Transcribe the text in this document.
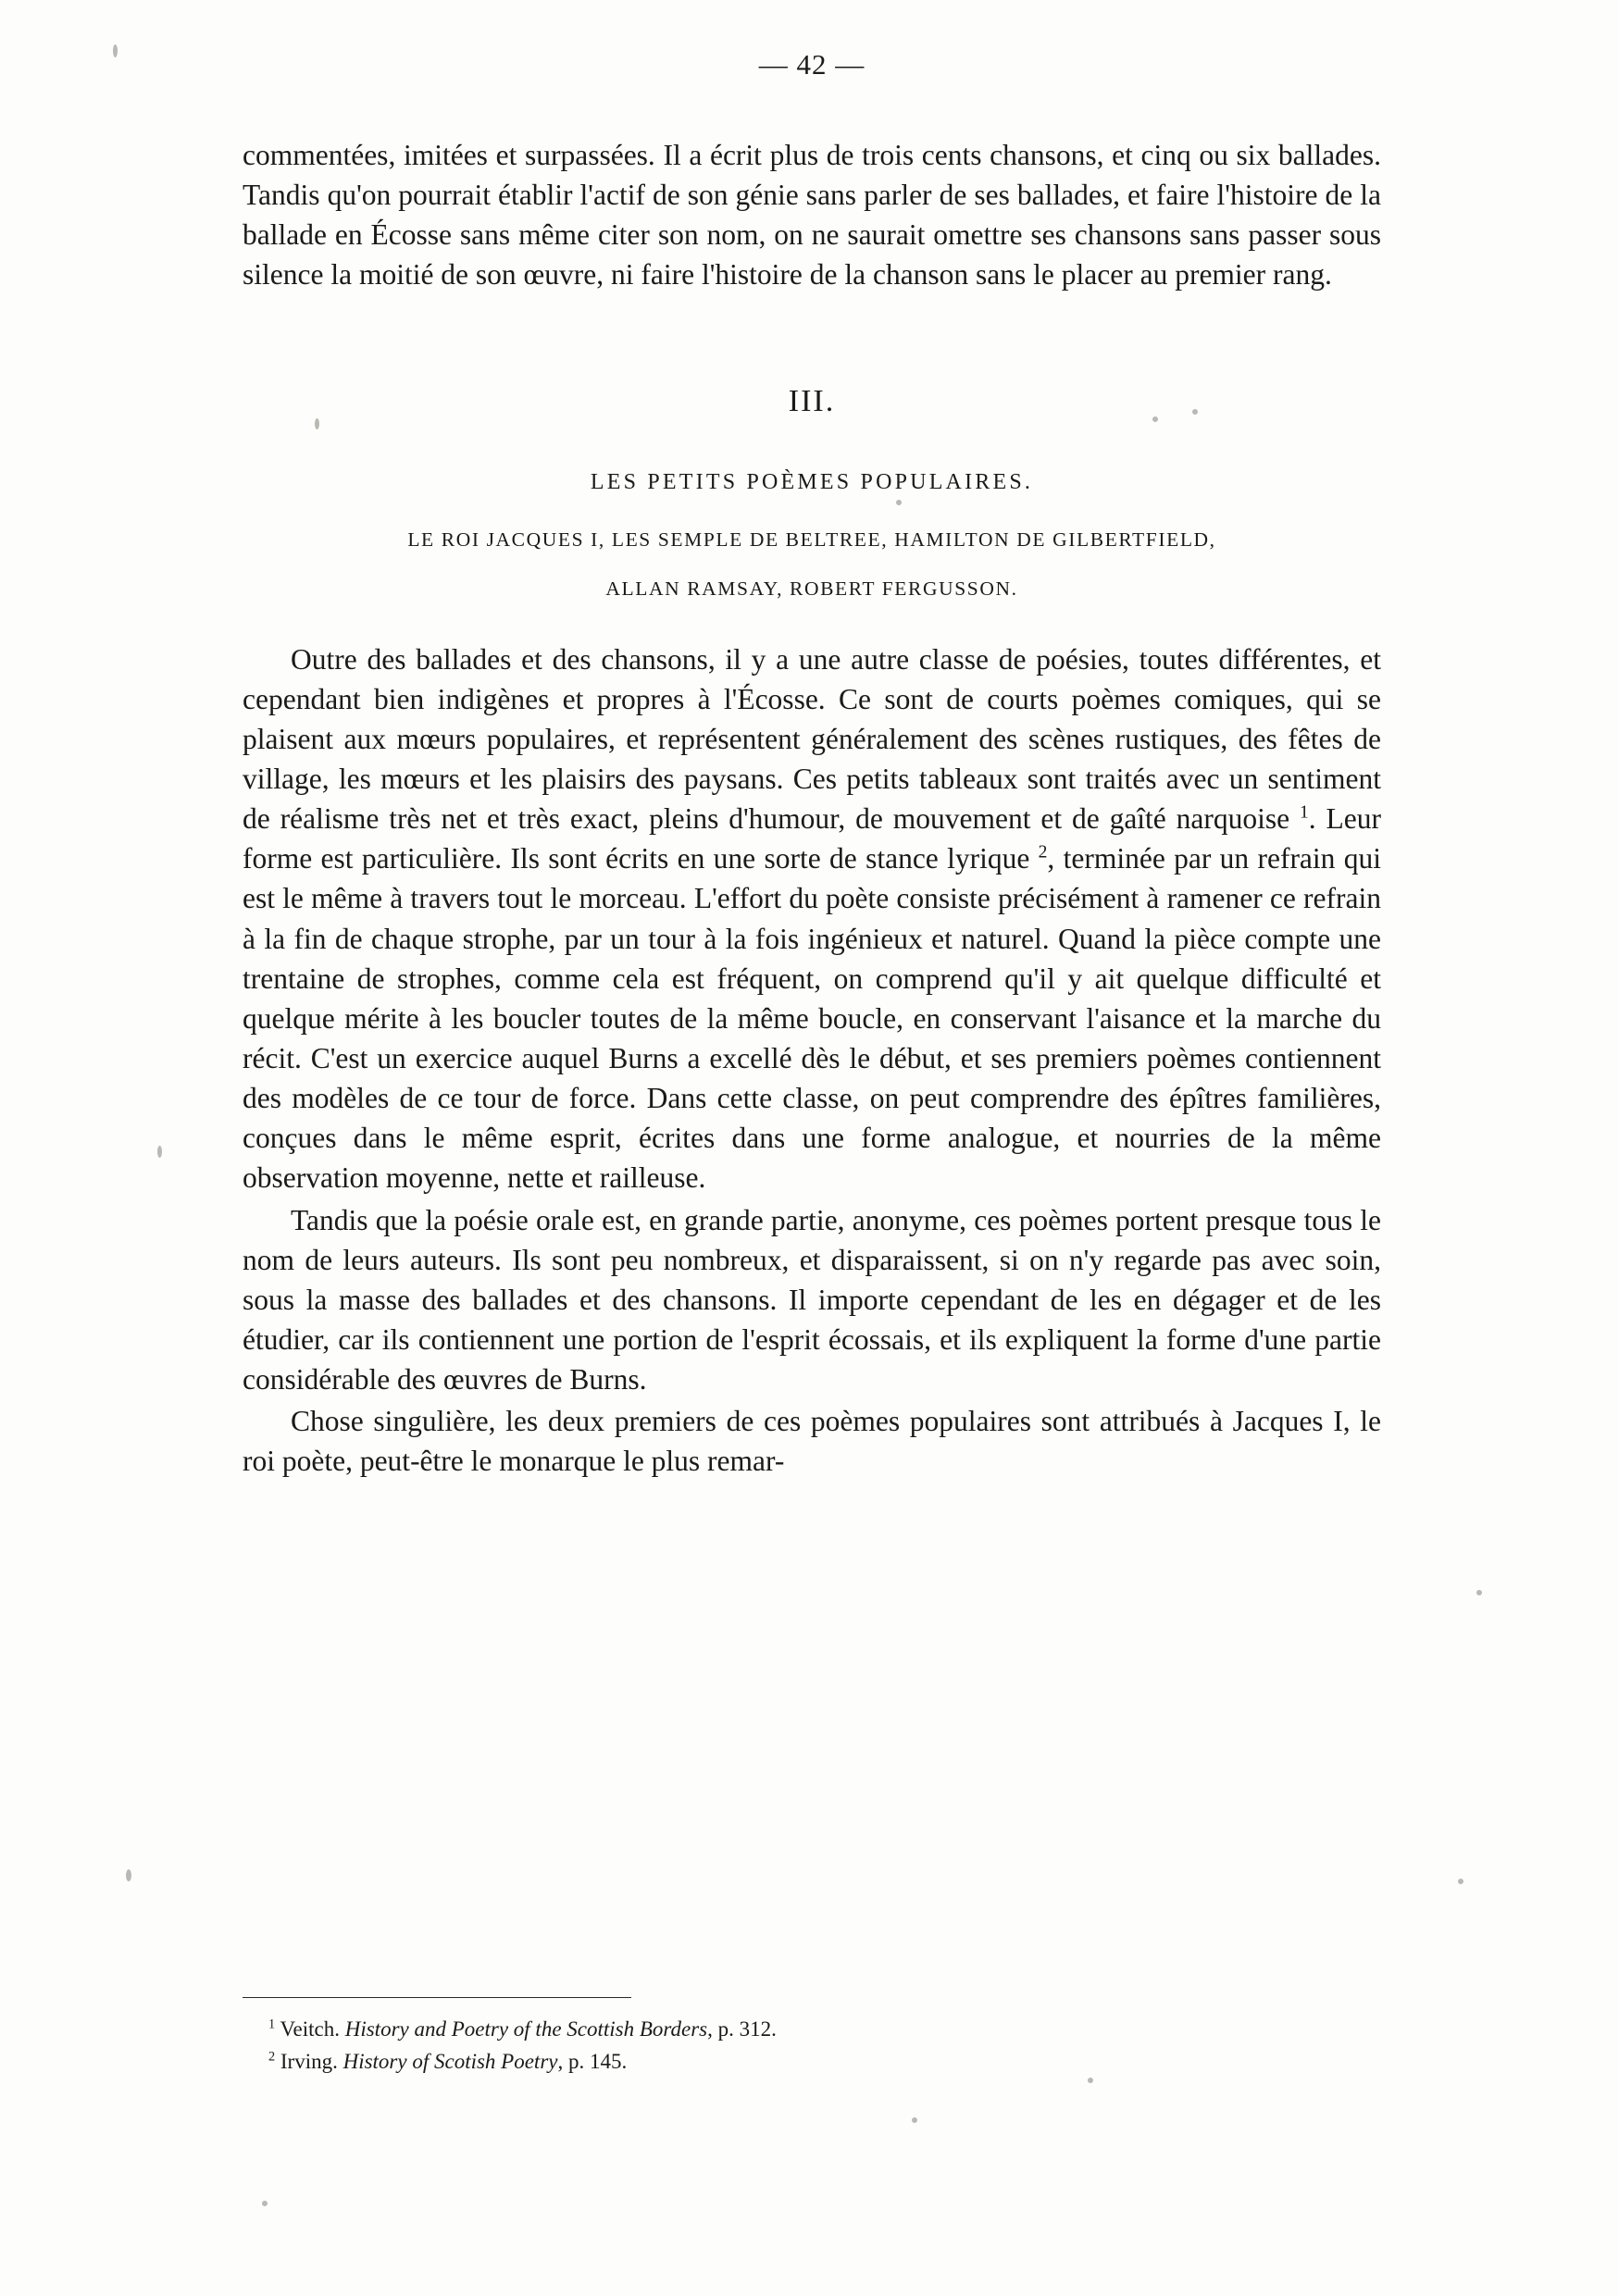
— 42 —

commentées, imitées et surpassées. Il a écrit plus de trois cents chansons, et cinq ou six ballades. Tandis qu'on pourrait établir l'actif de son génie sans parler de ses ballades, et faire l'histoire de la ballade en Écosse sans même citer son nom, on ne saurait omettre ses chansons sans passer sous silence la moitié de son œuvre, ni faire l'histoire de la chanson sans le placer au premier rang.

III.
LES PETITS POÈMES POPULAIRES.
LE ROI JACQUES I, LES SEMPLE DE BELTREE, HAMILTON DE GILBERTFIELD,
ALLAN RAMSAY, ROBERT FERGUSSON.

Outre des ballades et des chansons, il y a une autre classe de poésies, toutes différentes, et cependant bien indigènes et propres à l'Écosse. Ce sont de courts poèmes comiques, qui se plaisent aux mœurs populaires, et représentent généralement des scènes rustiques, des fêtes de village, les mœurs et les plaisirs des paysans. Ces petits tableaux sont traités avec un sentiment de réalisme très net et très exact, pleins d'humour, de mouvement et de gaîté narquoise $^1$. Leur forme est particulière. Ils sont écrits en une sorte de stance lyrique $^2$, terminée par un refrain qui est le même à travers tout le morceau. L'effort du poète consiste précisément à ramener ce refrain à la fin de chaque strophe, par un tour à la fois ingénieux et naturel. Quand la pièce compte une trentaine de strophes, comme cela est fréquent, on comprend qu'il y ait quelque difficulté et quelque mérite à les boucler toutes de la même boucle, en conservant l'aisance et la marche du récit. C'est un exercice auquel Burns a excellé dès le début, et ses premiers poèmes contiennent des modèles de ce tour de force. Dans cette classe, on peut comprendre des épîtres familières, conçues dans le même esprit, écrites dans une forme analogue, et nourries de la même observation moyenne, nette et railleuse.

Tandis que la poésie orale est, en grande partie, anonyme, ces poèmes portent presque tous le nom de leurs auteurs. Ils sont peu nombreux, et disparaissent, si on n'y regarde pas avec soin, sous la masse des ballades et des chansons. Il importe cependant de les en dégager et de les étudier, car ils contiennent une portion de l'esprit écossais, et ils expliquent la forme d'une partie considérable des œuvres de Burns.

Chose singulière, les deux premiers de ces poèmes populaires sont attribués à Jacques I, le roi poète, peut-être le monarque le plus remar-

$^1$ Veitch. History and Poetry of the Scottish Borders, p. 312.

$^2$ Irving. History of Scotish Poetry, p. 145.
